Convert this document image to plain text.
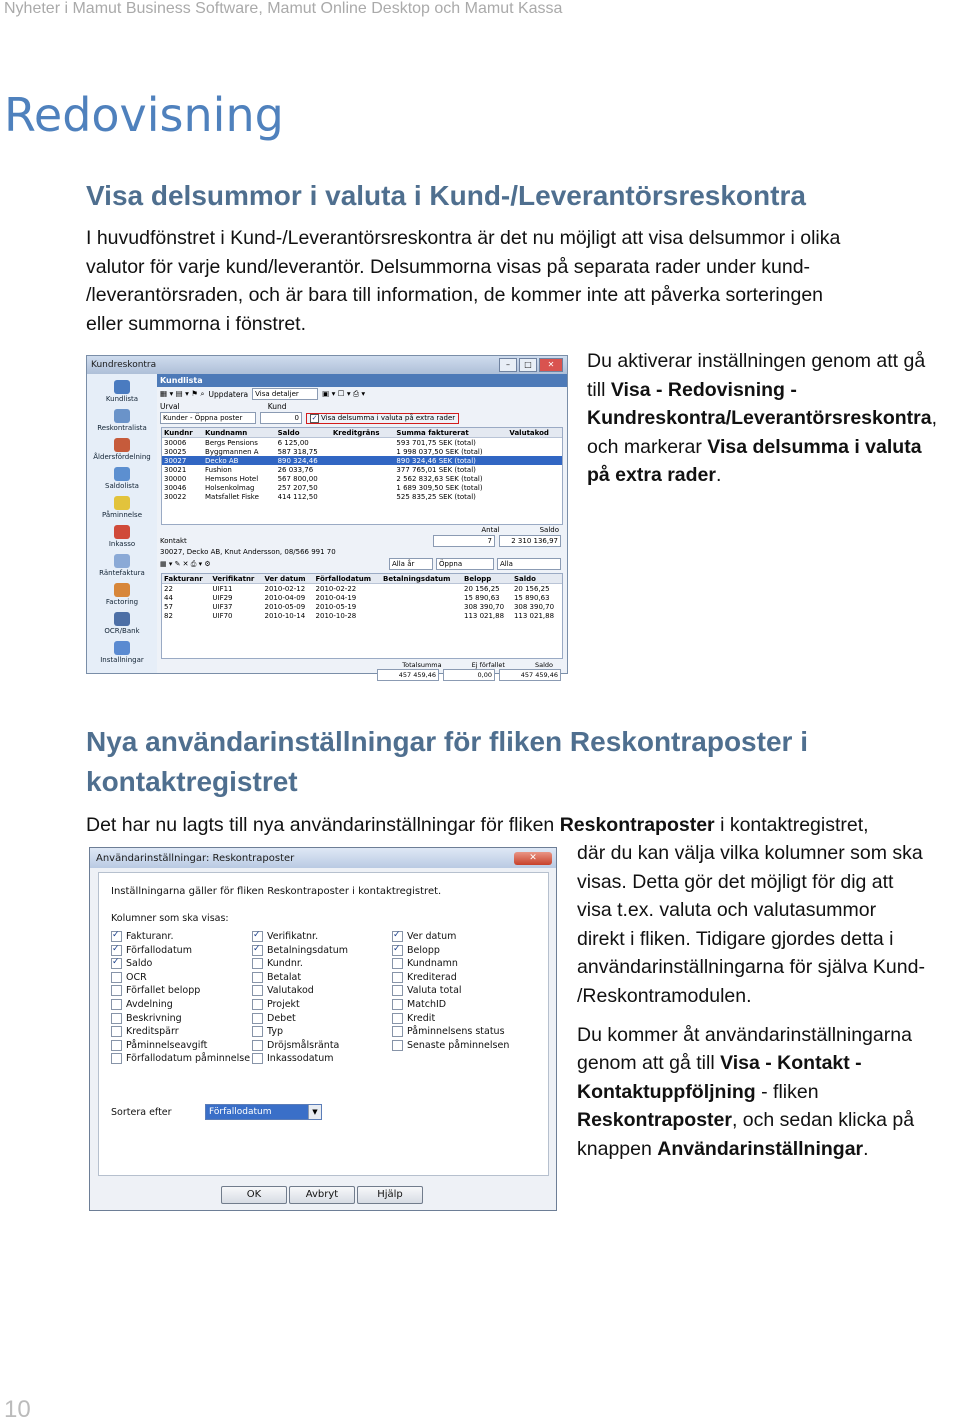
Nyheter i Mamut Business Software, Mamut Online Desktop och Mamut Kassa
Redovisning
Visa delsummor i valuta i Kund-/Leverantörsreskontra

I huvudfönstret i Kund-/Leverantörsreskontra är det nu möjligt att visa delsummor i olika

valutor för varje kund/leverantör. Delsummorna visas på separata rader under kund-

/leverantörsraden, och är bara till information, de kommer inte att påverka sorteringen

eller summorna i fönstret.

Du aktiverar inställningen genom att gå

till Visa - Redovisning -

Kundreskontra/Leverantörsreskontra,

och markerar Visa delsumma i valuta

på extra rader.

Kundreskontra	–	□	✕
Kundlista
Reskontralista
Åldersfördelning
Saldolista
Påminnelse
Inkasso
Räntefaktura
Factoring
OCR/Bank
Installningar
Kundlista
▦ ▾ ▤ ▾ ⚑ ⌕ Uppdatera	Visa detaljer	▣ ▾ ☐ ▾ ⎙ ▾
Urval	Kund
Kunder - Öppna poster	0 ✓	Visa delsumma i valuta på extra rader
Kundnr	Kundnamn	Saldo	Kreditgräns	Summa fakturerat	Valutakod
30006	Bergs Pensions	6 125,00		593 701,75 SEK (total)	
30025	Byggmannen A	587 318,75		1 998 037,50 SEK (total)	
30027	Decko AB	890 324,46		890 324,46 SEK (total)	
30021	Fushion	26 033,76		377 765,01 SEK (total)	
30000	Hemsons Hotel	567 800,00		2 562 832,63 SEK (total)	
30046	Holsenkolmag	257 207,50		1 689 309,50 SEK (total)	
30022	Matsfallet Fiske	414 112,50		525 835,25 SEK (total)	
Antal	Saldo
Kontakt	7	2 310 136,97
30027, Decko AB, Knut Andersson, 08/566 991 70
▦ ▾ ✎ ✕ ⎙ ▾ ⚙	Alla år	Öppna	Alla
Fakturanr	Verifikatnr	Ver datum	Förfallodatum	Betalningsdatum	Belopp	Saldo
22	UIF11	2010-02-12	2010-02-22		20 156,25	20 156,25
44	UIF29	2010-04-09	2010-04-19		15 890,63	15 890,63
57	UIF37	2010-05-09	2010-05-19		308 390,70	308 390,70
82	UIF70	2010-10-14	2010-10-28		113 021,88	113 021,88
Totalsumma	Ej förfallet	Saldo
457 459,46	0,00	457 459,46
Nya användarinställningar för fliken Reskontraposter i
kontaktregistret

Det har nu lagts till nya användarinställningar för fliken Reskontraposter i kontaktregistret,

där du kan välja vilka kolumner som ska

visas. Detta gör det möjligt för dig att

visa t.ex. valuta och valutasummor

direkt i fliken. Tidigare gjordes detta i

användarinställningarna för själva Kund-

/Reskontramodulen.

Du kommer åt användarinställningarna

genom att gå till Visa - Kontakt -

Kontaktuppföljning - fliken

Reskontraposter, och sedan klicka på

knappen Användarinställningar.

Användarinställningar: Reskontraposter	✕
Inställningarna gäller för fliken Reskontraposter i kontaktregistret.
Kolumner som ska visas:
✓
Fakturanr.
✓
Förfallodatum
✓
Saldo
OCR
Förfallet belopp
Avdelning
Beskrivning
Kreditspärr
Påminnelseavgift
Förfallodatum påminnelse
✓
Verifikatnr.
✓
Betalningsdatum
Kundnr.
Betalat
Valutakod
Projekt
Debet
Typ
Dröjsmålsränta
Inkassodatum
✓
Ver datum
✓
Belopp
Kundnamn
Krediterad
Valuta total
MatchID
Kredit
Påminnelsens status
Senaste påminnelsen
Sortera efter	Förfallodatum	▼
OK	Avbryt	Hjälp
10
